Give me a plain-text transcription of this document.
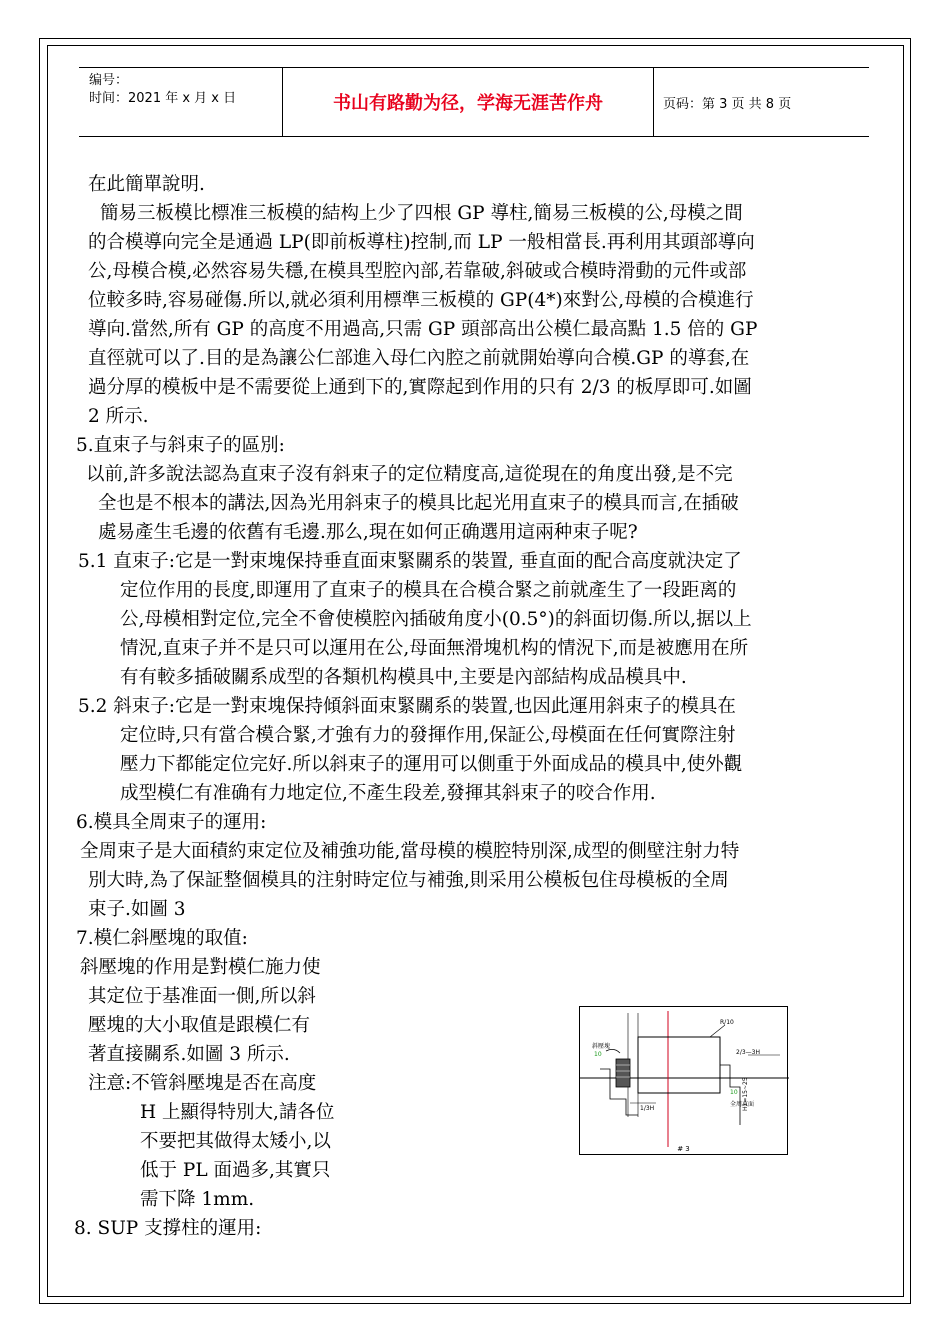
编号：
时间：2021 年 x 月 x 日	书山有路勤为径，学海无涯苦作舟	页码：第 3 页 共 8 页
在此簡單說明.
簡易三板模比標准三板模的結构上少了四根 GP 導柱,簡易三板模的公,母模之間
的合模導向完全是通過 LP(即前板導柱)控制,而 LP 一般相當長.再利用其頭部導向
公,母模合模,必然容易失穩,在模具型腔內部,若靠破,斜破或合模時滑動的元件或部
位較多時,容易碰傷.所以,就必須利用標準三板模的 GP(4*)來對公,母模的合模進行
導向.當然,所有 GP 的高度不用過高,只需 GP 頭部高出公模仁最高點 1.5 倍的 GP
直徑就可以了.目的是為讓公仁部進入母仁內腔之前就開始導向合模.GP 的導套,在
過分厚的模板中是不需要從上通到下的,實際起到作用的只有 2/3 的板厚即可.如圖
2 所示.
5.直束子与斜束子的區別:
以前,許多說法認為直束子沒有斜束子的定位精度高,這從現在的角度出發,是不完
全也是不根本的講法,因為光用斜束子的模具比起光用直束子的模具而言,在插破
處易產生毛邊的依舊有毛邊.那么,現在如何正确選用這兩种束子呢?
5.1 直束子:它是一對束塊保持垂直面束緊關系的裝置, 垂直面的配合高度就決定了
定位作用的長度,即運用了直束子的模具在合模合緊之前就產生了一段距离的
公,母模相對定位,完全不會使模腔內插破角度小(0.5°)的斜面切傷.所以,据以上
情況,直束子并不是只可以運用在公,母面無滑塊机构的情況下,而是被應用在所
有有較多插破關系成型的各類机构模具中,主要是內部結构成品模具中.
5.2 斜束子:它是一對束塊保持傾斜面束緊關系的裝置,也因此運用斜束子的模具在
定位時,只有當合模合緊,才強有力的發揮作用,保証公,母模面在任何實際注射
壓力下都能定位完好.所以斜束子的運用可以側重于外面成品的模具中,使外觀
成型模仁有准确有力地定位,不產生段差,發揮其斜束子的咬合作用.
6.模具全周束子的運用:
全周束子是大面積約束定位及補強功能,當母模的模腔特別深,成型的側壁注射力特
別大時,為了保証整個模具的注射時定位与補強,則采用公模板包住母模板的全周
束子.如圖 3
7.模仁斜壓塊的取值:
斜壓塊的作用是對模仁施力使
其定位于基准面一側,所以斜
壓塊的大小取值是跟模仁有
著直接關系.如圖 3 所示.
注意:不管斜壓塊是否在高度
H 上顯得特別大,請各位
不要把其做得太矮小,以
低于 PL 面過多,其實只
需下降 1mm.
8. SUP 支撐柱的運用:
斜壓塊
10
10
全周束面
2/3—3H
H1=15~25
1/3H
R/10
# 3
